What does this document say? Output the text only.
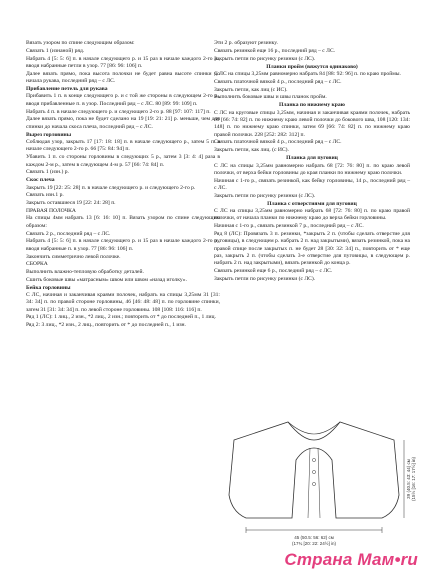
Вязать узором по спине следующим образом:
Связать 1 (изнаной) ряд.
Набрать 4 [5: 5: 6] п. в начале следующего р. и 15 раз в начале каждого 2-го р., вводя набранные петли в узор. 77 [86: 96: 106] п.
Далее вязать прямо, пока высота полочки не будет равна высоте спинки до начала рукава, последний ряд – с ЛС.
Прибавление петель для рукава
Прибавить 1 п. в конце следующего р. и с той же стороны в следующем 2-го р., вводя прибавленные п. в узор. Последний ряд – с ЛС. 80 [89: 99: 109] п.
Набрать 4 п. в начале следующего р. и следующего 2-го р. 88 [97: 107: 117] п.
Далее вязать прямо, пока не будет сделано на 19 [19: 21: 21] р. меньше, чем для спинки до начала скоса плеча, последний ряд – с ЛС.
Вырез горловины
Соблюдая узор, закрыть 17 [17: 18: 18] п. в начале следующего р., затем 5 п. в начале следующего 2-го р. 66 [75: 84: 94] п.
Убавить 1 п. со стороны горловины в следующих 5 р., затем 3 [3: 4: 4] раза в каждом 2-м р., затем в следующем 4-м р. 57 [66: 74: 84] п.
Связать 1 (изн.) р.
Скос плеча
Закрыть 19 [22: 25: 28] п. в начале следующего р. и следующего 2-го р.
Связать изн.1 р.
Закрыть оставшиеся 19 [22: 24: 28] п.
ПРАВАЯ ПОЛОЧКА
На спицы 4мм набрать 13 [6: 16: 10] п. Вязать узором по спине следующим образом:
Связать 2 р., последний ряд – с ЛС.
Набрать 4 [5: 5: 6] п. в начале следующего р. и 15 раз в начале каждого 2-го р., вводя набранные п. в узор. 77 [86: 96: 106] п.
Закончить симметрично левой полочке.
СБОРКА
Выполнить влажно-тепловую обработку деталей.
Сшить боковые швы «матрасным» швом или швом «назад иголку».
Бейка горловины
С ЛС, начиная и заканчивая краями полочек, набрать на спицы 3,25мм 31 [31: 34: 34] п. по правой стороне горловины, 46 [46: 48: 48] п. по горловине спинки, затем 31 [31: 34: 34] п. по левой стороне горловины. 108 [108: 116: 116] п.
Ряд 1 (ЛС): 1 лиц., 2 изн., *2 лиц., 2 изн.; повторить от * до последней п., 1 лиц.
Ряд 2: 3 лиц., *2 изн., 2 лиц., повторить от * до последней п., 1 изн.
Эти 2 р. образуют резинку.
Связать резинкой еще 16 р., последний ряд – с ЛС.
Закрыть петли по рисунку резинки (с ЛС).
Планки пройм (вяжутся одинаково)
С ЛС на спицы 3,25мм равномерно набрать 84 [88: 92: 96] п. по краю проймы.
Связать платочной вязкой 4 р., последний ряд – с ЛС.
Закрыть петли, как лиц (с ИС).
Выполнить боковые швы и швы планок пройм.
Планка по нижнему краю
С ЛС на круговые спицы 3,25мм, начиная и заканчивая краями полочек, набрать 69 [66: 74: 82] п. по нижнему краю левой полочки до бокового шва, 108 [120: 134: 148] п. по нижнему краю спинки, затем 69 [66: 74: 82] п. по нижнему краю правой полочки. 228 [252: 282: 312] п.
Связать платочной вязкой 4 р., последний ряд – с ЛС.
Закрыть петли, как лиц. (с ИС).
Планка для пуговиц
С ЛС на спицы 3,25мм равномерно набрать 68 [72: 76: 80] п. по краю левой полочки, от верха бейки горловины до края планки по нижнему краю полочки.
Начиная с 1-го р., связать резинкой, как бейку горловины, 14 р., последний ряд – с ЛС.
Закрыть петли по рисунку резинки (с ЛС).
Планка с отверстиями для пуговиц
С ЛС на спицы 3,25мм равномерно набрать 68 [72: 76: 80] п. по краю правой полочки, от начала планки по нижнему краю до верха бейки горловины.
Начиная с 1-го р., связать резинкой 7 р., последний ряд – с ЛС.
Ряд 8 (ЛС): Провязать 3 п. резинки, *закрыть 2 п. (чтобы сделать отверстие для пуговицы), в следующем р. набрать 2 п. над закрытыми), вязать резинкой, пока на правой спице после закрытых п. не будет 28 [30: 32: 34] п., повторить от * еще раз, закрыть 2 п. (чтобы сделать 3-е отверстие для пуговицы, в следующем р. набрать 2 п. над закрытыми), вязать резинкой до конца р.
Связать резинкой еще 6 р., последний ряд – с ЛС.
Закрыть петли по рисунку резинки (с ЛС).
45 (50.5: 56: 62) см
(17¾ [20: 22: 24½] in)
39 (40.5: 43: 44) см (15½ [16: 17: 17½] in)
Страна Мам•ru
